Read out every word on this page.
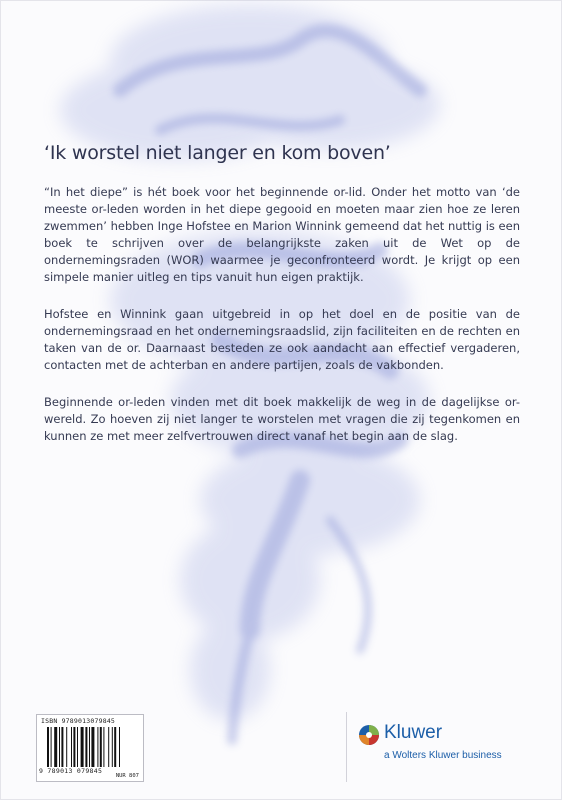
‘Ik worstel niet langer en kom boven’

“In het diepe” is hét boek voor het beginnende or-lid. Onder het motto van ‘de meeste or-leden worden in het diepe gegooid en moeten maar zien hoe ze leren zwemmen’ hebben Inge Hofstee en Marion Winnink gemeend dat het nuttig is een boek te schrijven over de belangrijkste zaken uit de Wet op de ondernemingsraden (WOR) waarmee je geconfronteerd wordt. Je krijgt op een simpele manier uitleg en tips vanuit hun eigen praktijk.

Hofstee en Winnink gaan uitgebreid in op het doel en de positie van de ondernemingsraad en het ondernemingsraadslid, zijn faciliteiten en de rechten en taken van de or. Daarnaast besteden ze ook aandacht aan effectief vergaderen, contacten met de achterban en andere partijen, zoals de vakbonden.

Beginnende or-leden vinden met dit boek makkelijk de weg in de dagelijkse or-wereld. Zo hoeven zij niet langer te worstelen met vragen die zij tegenkomen en kunnen ze met meer zelfvertrouwen direct vanaf het begin aan de slag.

ISBN 9789013079845
9 789013 079845
NUR 807
Kluwer
a Wolters Kluwer business
